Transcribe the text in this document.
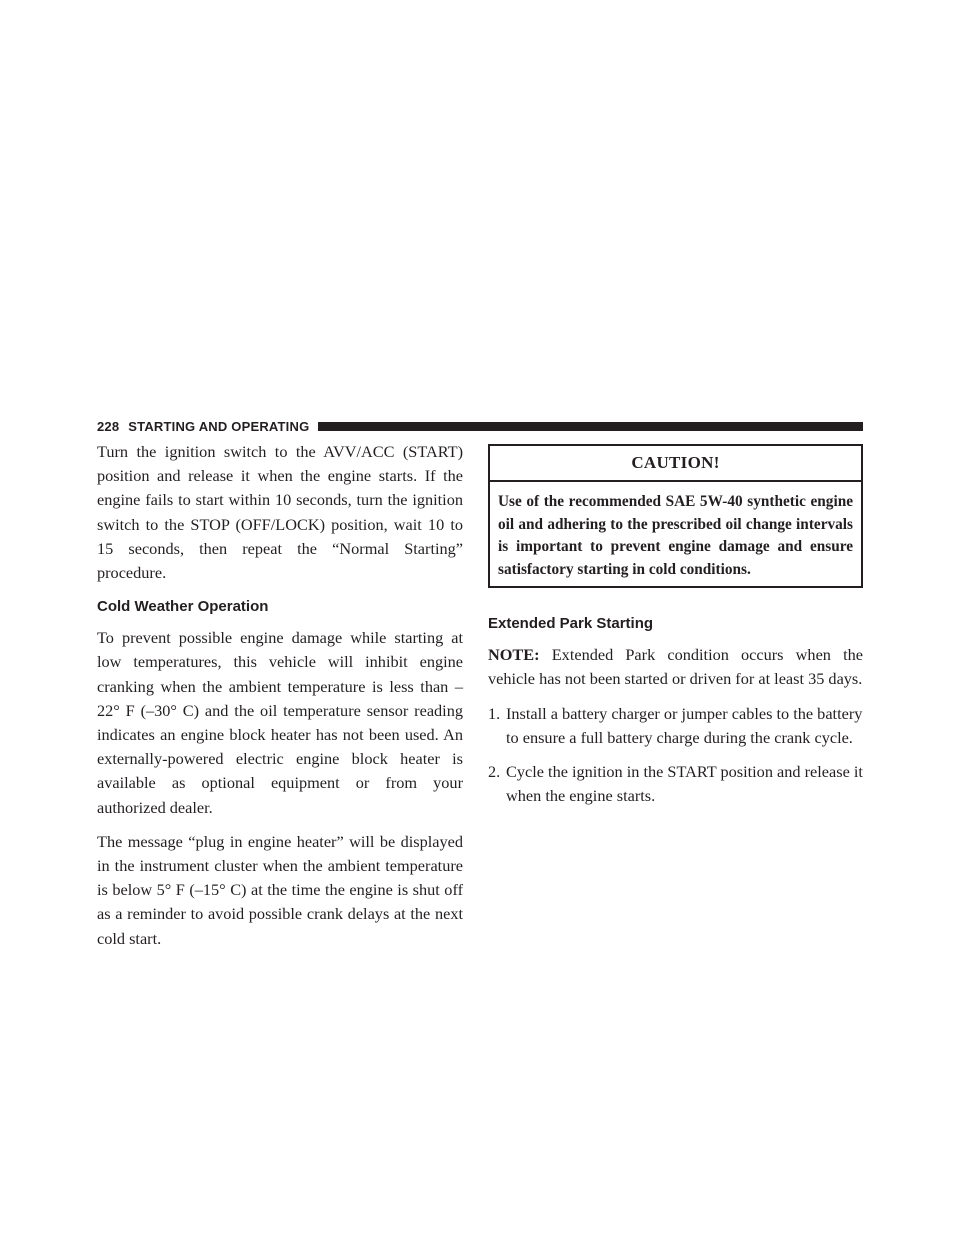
228 STARTING AND OPERATING

Turn the ignition switch to the AVV/ACC (START) position and release it when the engine starts. If the engine fails to start within 10 seconds, turn the ignition switch to the STOP (OFF/LOCK) position, wait 10 to 15 seconds, then repeat the “Normal Starting” procedure.

Cold Weather Operation

To prevent possible engine damage while starting at low temperatures, this vehicle will inhibit engine cranking when the ambient temperature is less than –22° F (–30° C) and the oil temperature sensor reading indicates an engine block heater has not been used. An externally-powered electric engine block heater is available as optional equipment or from your authorized dealer.

The message “plug in engine heater” will be displayed in the instrument cluster when the ambient temperature is below 5° F (–15° C) at the time the engine is shut off as a reminder to avoid possible crank delays at the next cold start.

CAUTION!
Use of the recommended SAE 5W-40 synthetic engine oil and adhering to the prescribed oil change intervals is important to prevent engine damage and ensure satisfactory starting in cold conditions.
Extended Park Starting

NOTE: Extended Park condition occurs when the vehicle has not been started or driven for at least 35 days.

1. Install a battery charger or jumper cables to the battery to ensure a full battery charge during the crank cycle.
2. Cycle the ignition in the START position and release it when the engine starts.
